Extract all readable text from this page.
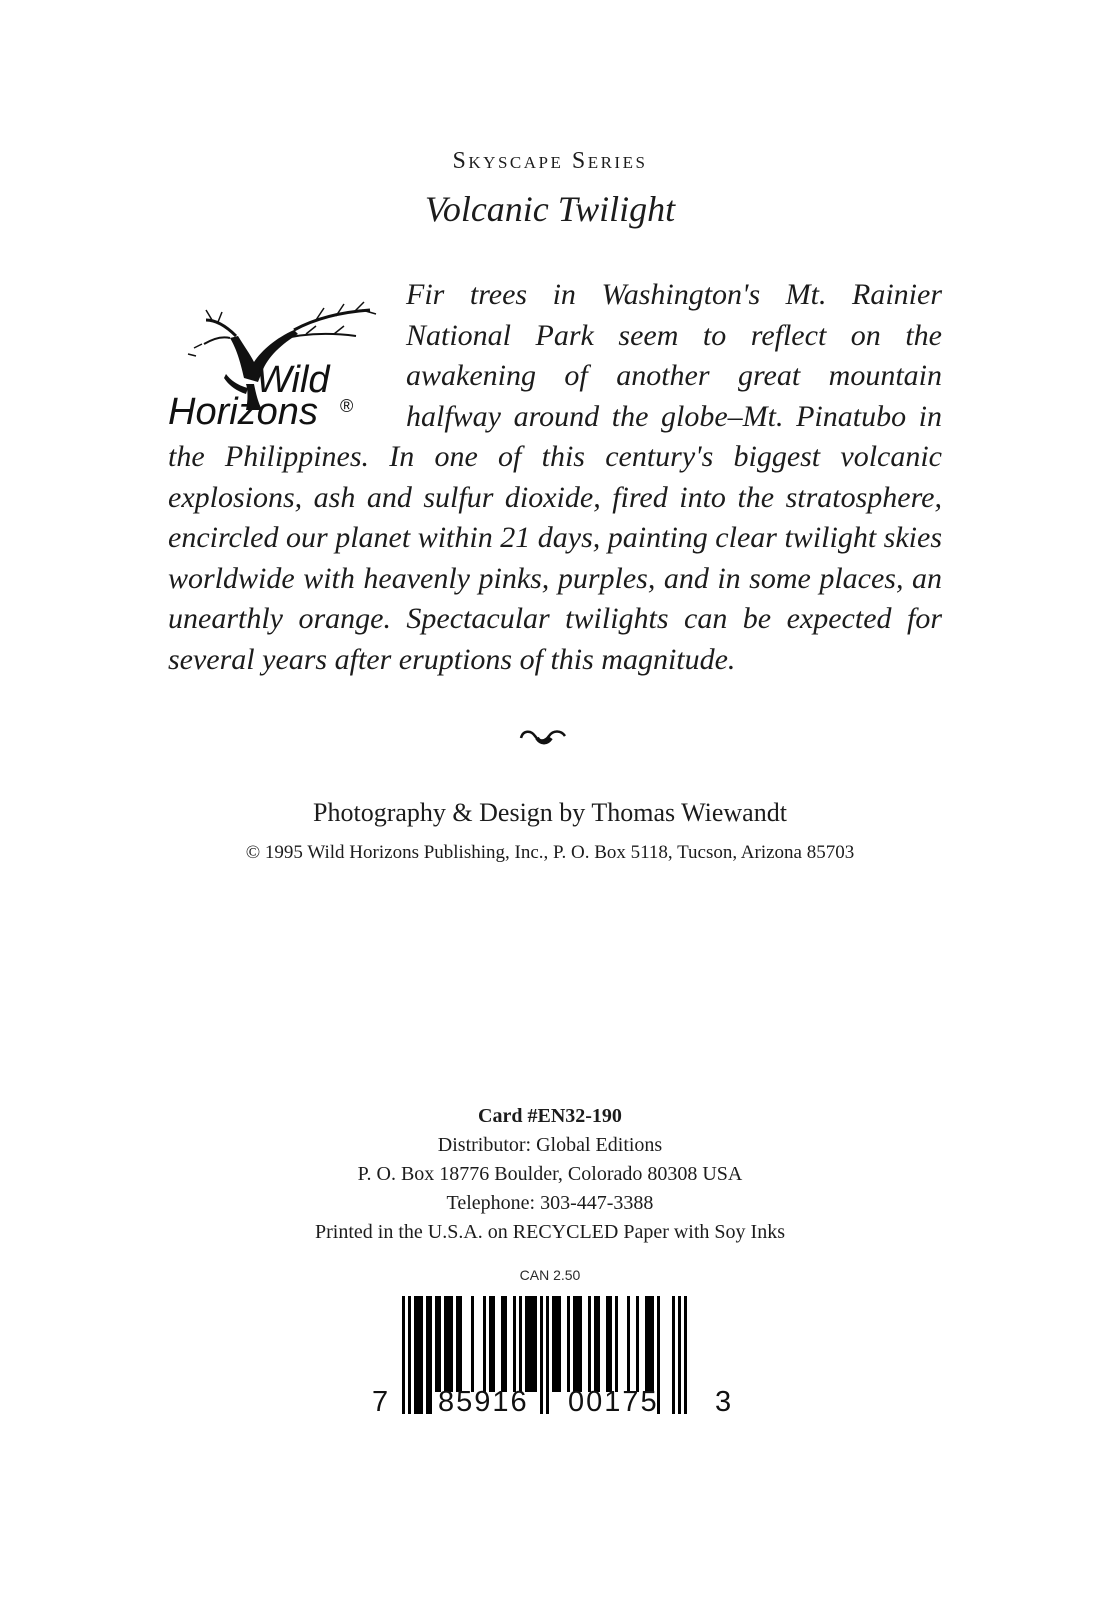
Skyscape Series
Volcanic Twilight
Wild
Horizons ®

Fir trees in Washington's Mt. Rainier National Park seem to reflect on the awakening of another great mountain halfway around the globe–Mt. Pinatubo in the Philippines. In one of this century's biggest volcanic explosions, ash and sulfur dioxide, fired into the stratosphere, encircled our planet within 21 days, painting clear twilight skies worldwide with heavenly pinks, purples, and in some places, an unearthly orange. Spectacular twilights can be expected for several years after eruptions of this magnitude.

Photography & Design by Thomas Wiewandt
© 1995 Wild Horizons Publishing, Inc., P. O. Box 5118, Tucson, Arizona 85703
Card #EN32-190
Distributor: Global Editions
P. O. Box 18776 Boulder, Colorado 80308 USA
Telephone: 303-447-3388
Printed in the U.S.A. on RECYCLED Paper with Soy Inks
CAN 2.50
7 85916 00175 3
